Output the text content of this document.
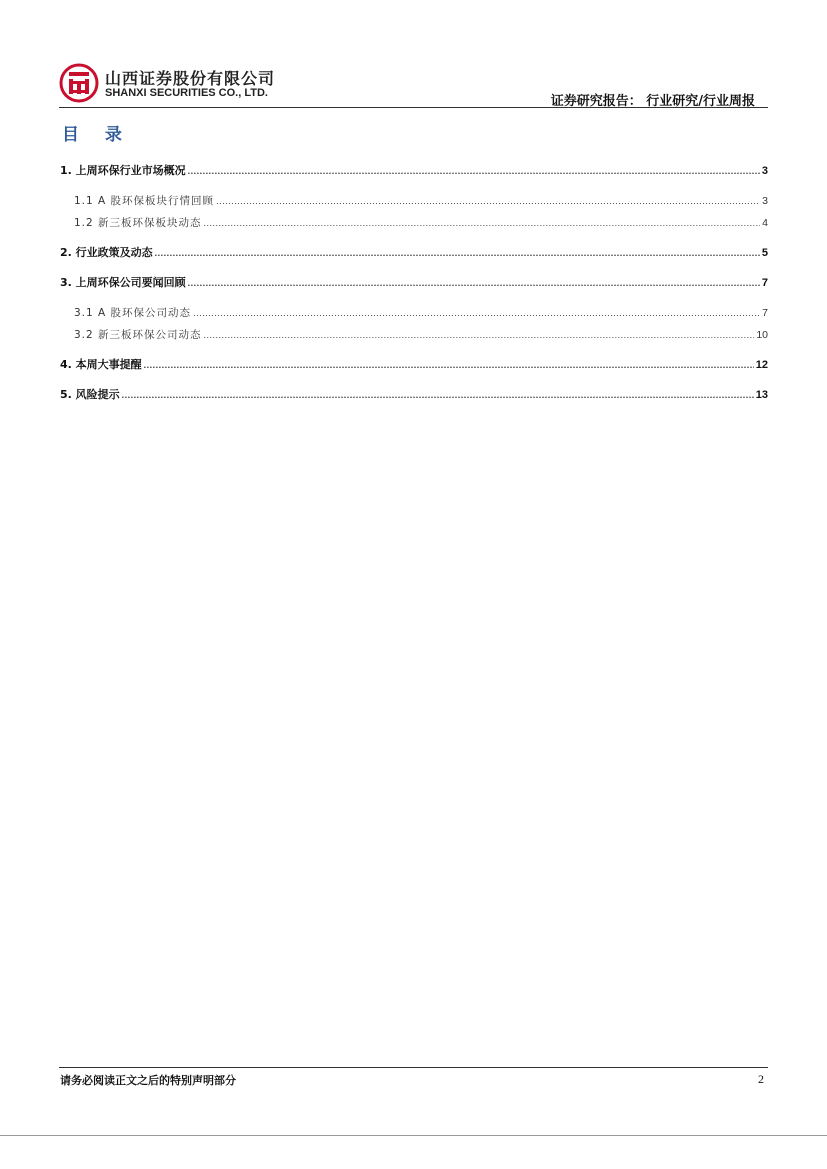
山西证券股份有限公司
SHANXI SECURITIES CO., LTD.
证券研究报告： 行业研究/行业周报
目 录
1. 上周环保行业市场概况 .....	3
1.1 A 股环保板块行情回顾 .....	3
1.2 新三板环保板块动态 .....	4
2. 行业政策及动态 .....	5
3. 上周环保公司要闻回顾 .....	7
3.1 A 股环保公司动态 .....	7
3.2 新三板环保公司动态 .....	10
4. 本周大事提醒 .....	12
5. 风险提示 .....	13
请务必阅读正文之后的特别声明部分	2
